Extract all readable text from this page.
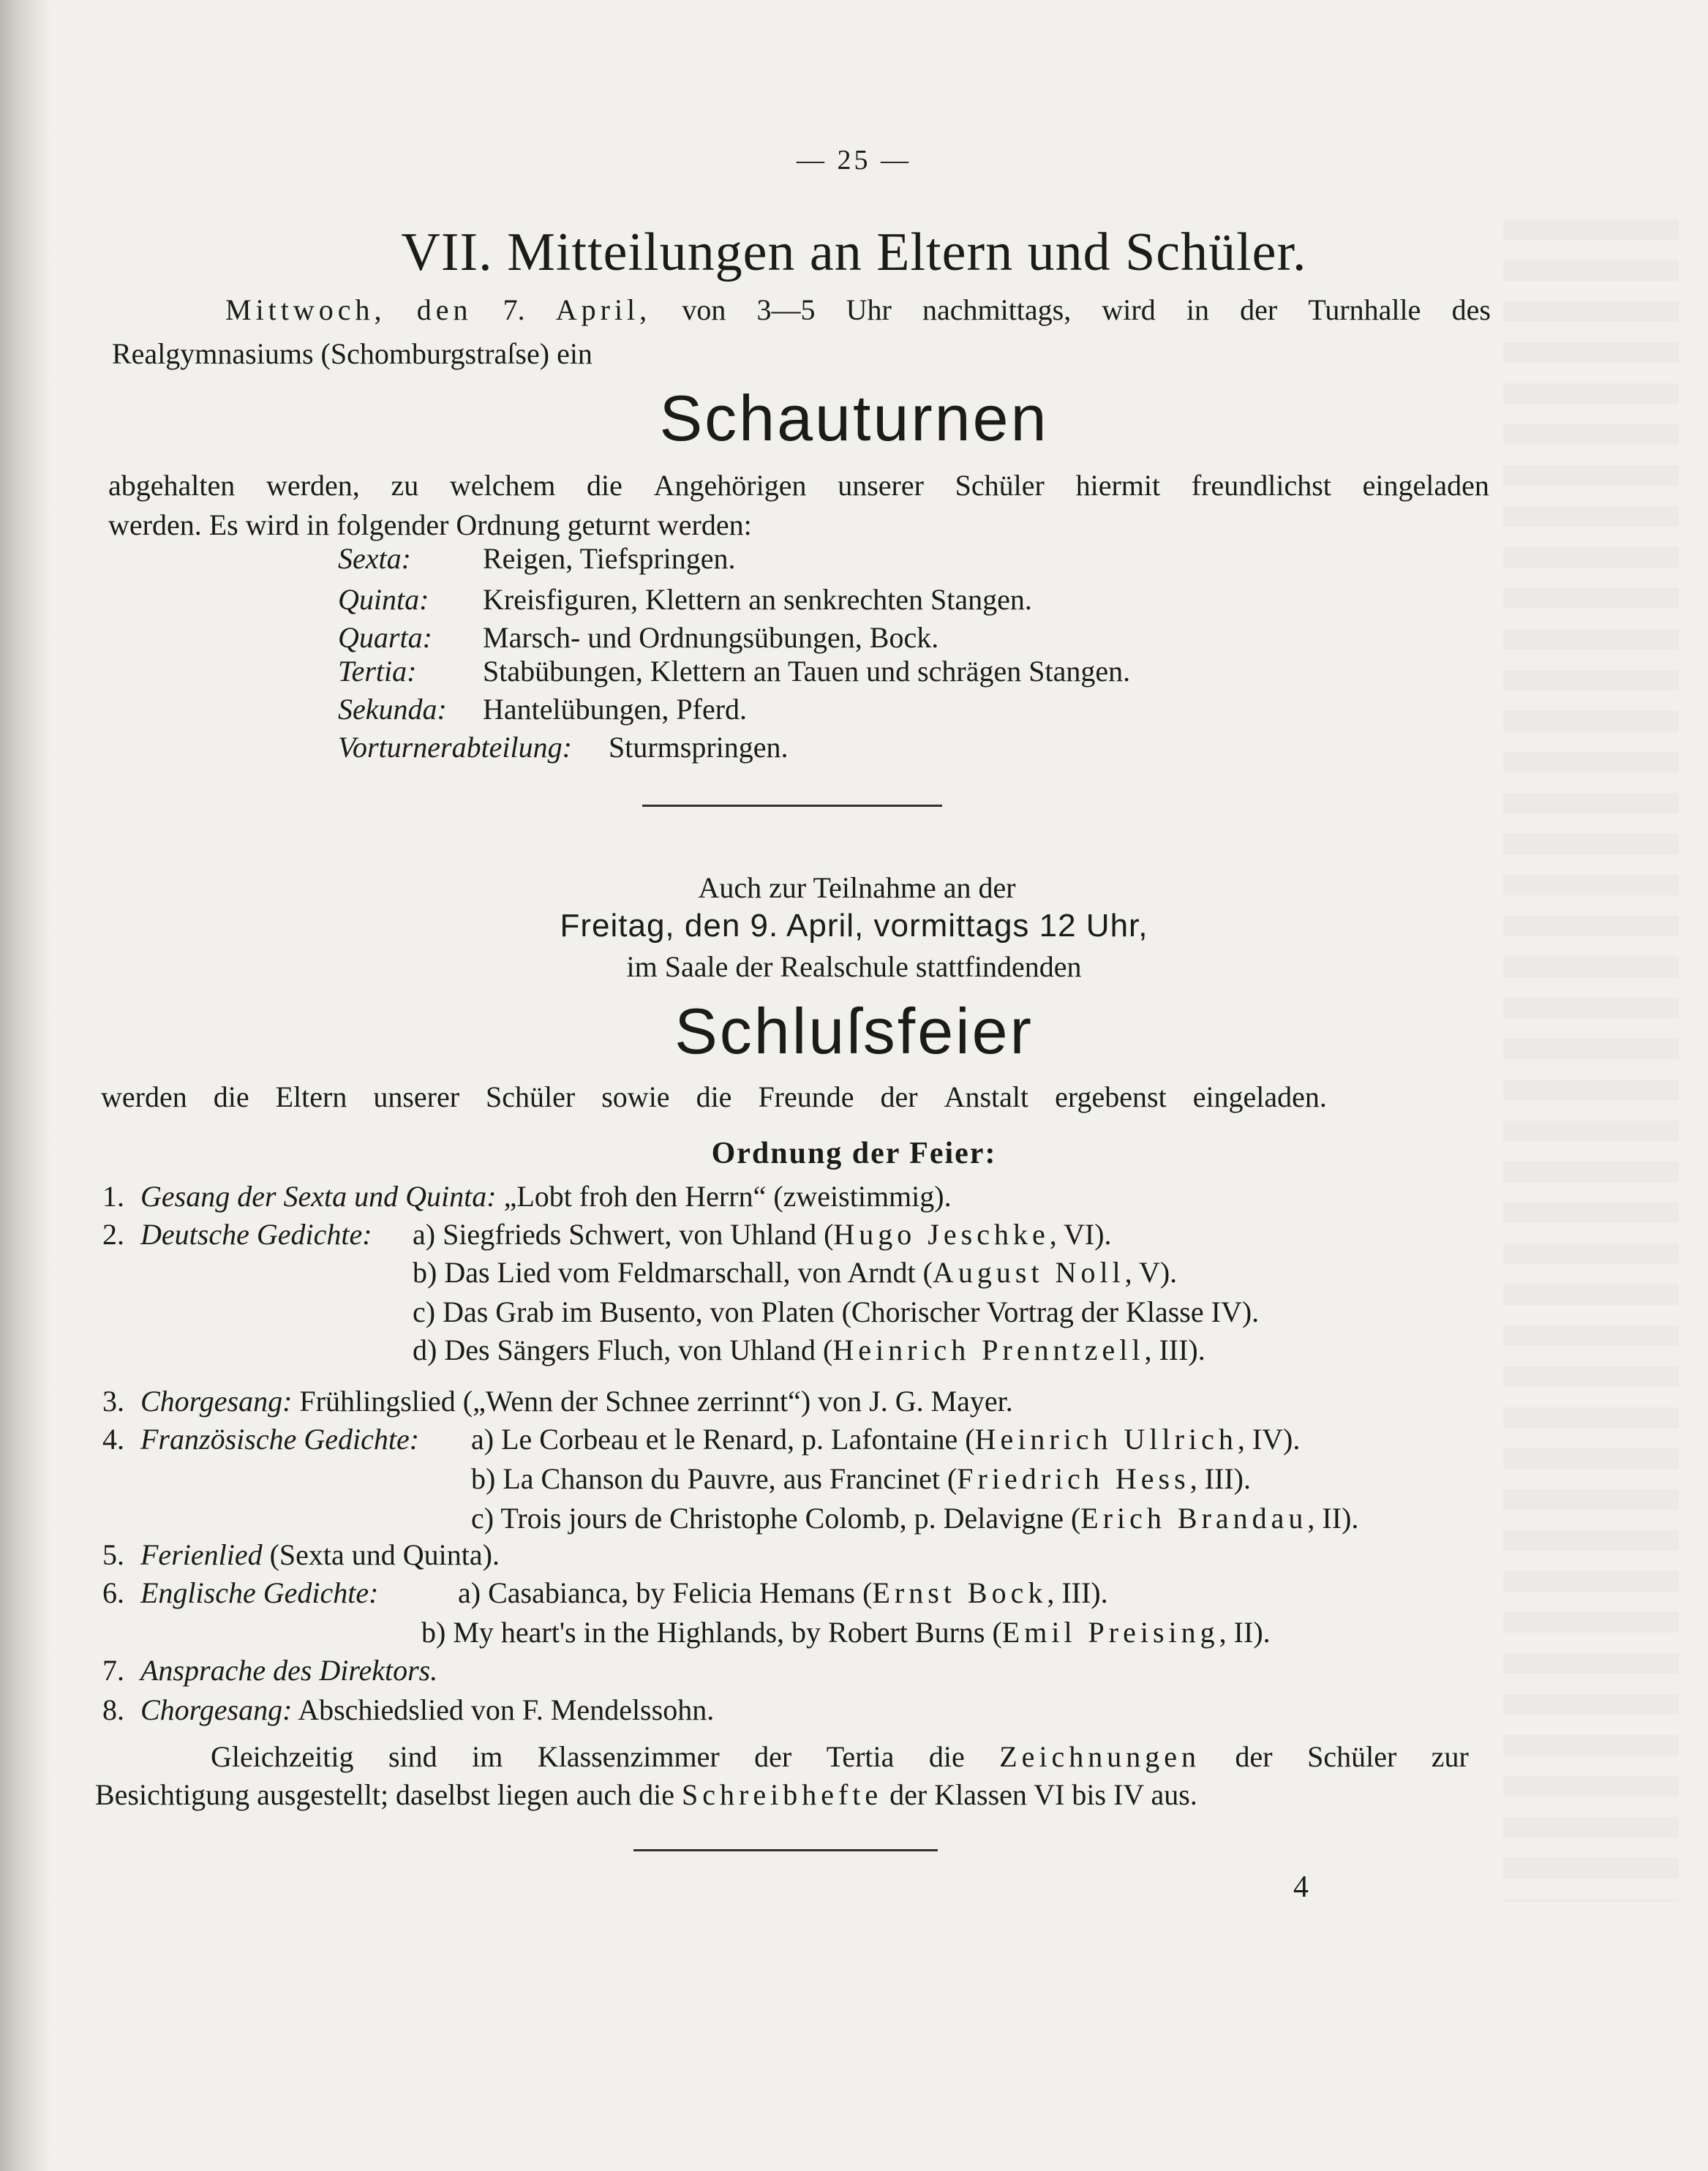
— 25 —
VII. Mitteilungen an Eltern und Schüler.
Mittwoch, den 7. April, von 3—5 Uhr nachmittags, wird in der Turnhalle des
Realgymnasiums (Schomburgstraſse) ein
Schauturnen
abgehalten werden, zu welchem die Angehörigen unserer Schüler hiermit freundlichst eingeladen
werden. Es wird in folgender Ordnung geturnt werden:
Sexta: Reigen, Tiefspringen.
Quinta: Kreisfiguren, Klettern an senkrechten Stangen.
Quarta: Marsch- und Ordnungsübungen, Bock.
Tertia: Stabübungen, Klettern an Tauen und schrägen Stangen.
Sekunda: Hantelübungen, Pferd.
Vorturnerabteilung: Sturmspringen.
Auch zur Teilnahme an der
Freitag, den 9. April, vormittags 12 Uhr,
im Saale der Realschule stattfindenden
Schluſsfeier
werden die Eltern unserer Schüler sowie die Freunde der Anstalt ergebenst eingeladen.
Ordnung der Feier:
1. Gesang der Sexta und Quinta: „Lobt froh den Herrn“ (zweistimmig).
2. Deutsche Gedichte: a) Siegfrieds Schwert, von Uhland (Hugo Jeschke, VI).
b) Das Lied vom Feldmarschall, von Arndt (August Noll, V).
c) Das Grab im Busento, von Platen (Chorischer Vortrag der Klasse IV).
d) Des Sängers Fluch, von Uhland (Heinrich Prenntzell, III).
3. Chorgesang: Frühlingslied („Wenn der Schnee zerrinnt“) von J. G. Mayer.
4. Französische Gedichte: a) Le Corbeau et le Renard, p. Lafontaine (Heinrich Ullrich, IV).
b) La Chanson du Pauvre, aus Francinet (Friedrich Hess, III).
c) Trois jours de Christophe Colomb, p. Delavigne (Erich Brandau, II).
5. Ferienlied (Sexta und Quinta).
6. Englische Gedichte:	a) Casabianca, by Felicia Hemans (Ernst Bock, III).
b) My heart's in the Highlands, by Robert Burns (Emil Preising, II).
7. Ansprache des Direktors.
8. Chorgesang: Abschiedslied von F. Mendelssohn.
Gleichzeitig sind im Klassenzimmer der Tertia die Zeichnungen der Schüler zur
Besichtigung ausgestellt; daselbst liegen auch die Schreibhefte der Klassen VI bis IV aus.
4
